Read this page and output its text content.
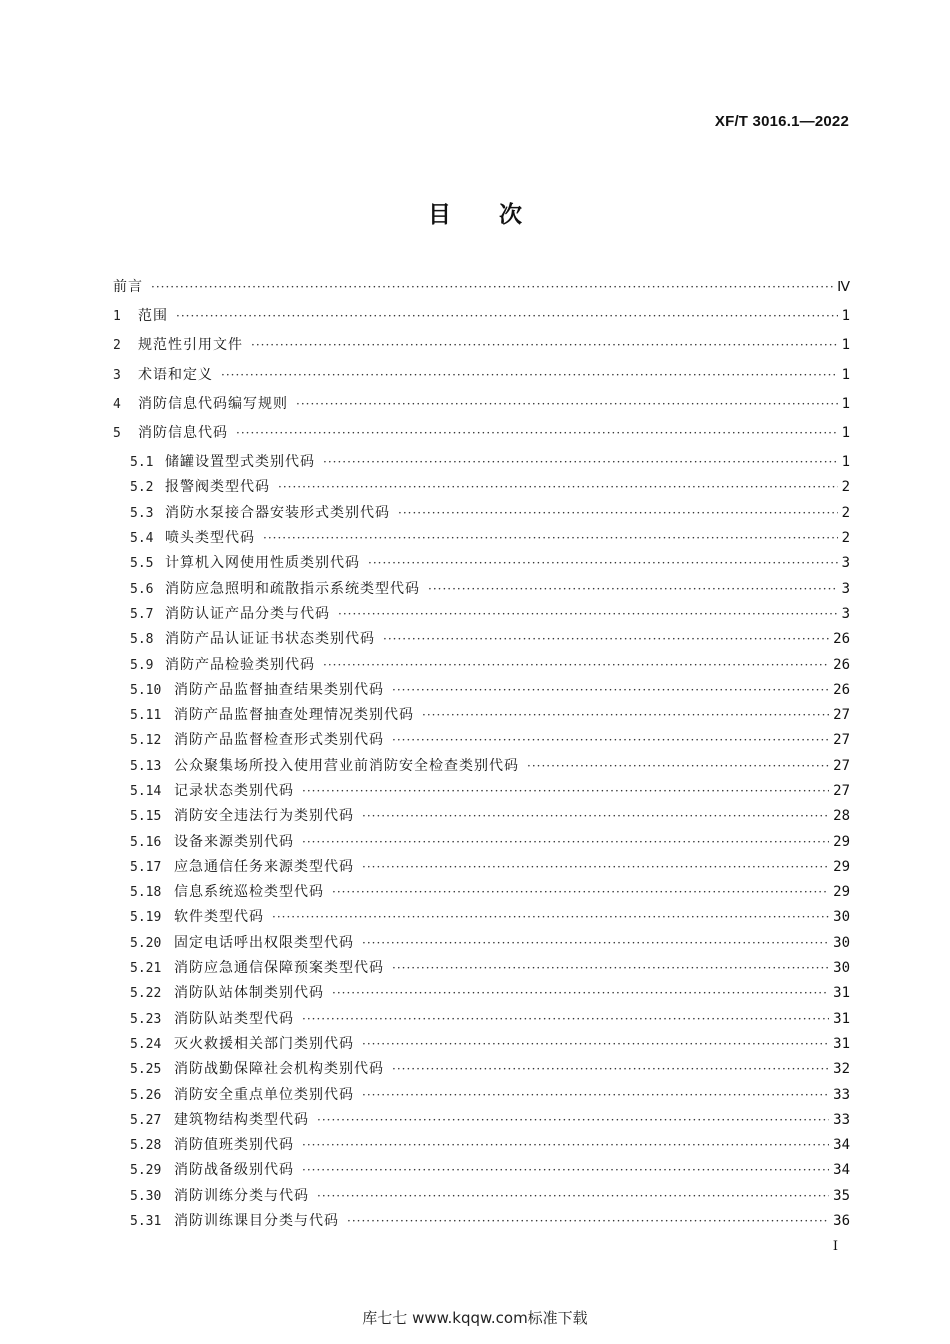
XF/T 3016.1—2022
目次
前言 ·····	Ⅳ
1	范围 ·····	1
2	规范性引用文件 ·····	1
3	术语和定义 ·····	1
4	消防信息代码编写规则 ·····	1
5	消防信息代码 ·····	1
5.1 储罐设置型式类别代码 ·····	1
5.2 报警阀类型代码 ·····	2
5.3 消防水泵接合器安装形式类别代码 ·····	2
5.4 喷头类型代码 ·····	2
5.5 计算机入网使用性质类别代码 ·····	3
5.6 消防应急照明和疏散指示系统类型代码 ·····	3
5.7 消防认证产品分类与代码 ·····	3
5.8 消防产品认证证书状态类别代码 ·····	26
5.9 消防产品检验类别代码 ·····	26
5.10 消防产品监督抽查结果类别代码 ·····	26
5.11 消防产品监督抽查处理情况类别代码 ·····	27
5.12 消防产品监督检查形式类别代码 ·····	27
5.13 公众聚集场所投入使用营业前消防安全检查类别代码 ·····	27
5.14 记录状态类别代码 ·····	27
5.15 消防安全违法行为类别代码 ·····	28
5.16 设备来源类别代码 ·····	29
5.17 应急通信任务来源类型代码 ·····	29
5.18 信息系统巡检类型代码 ·····	29
5.19 软件类型代码 ·····	30
5.20 固定电话呼出权限类型代码 ·····	30
5.21 消防应急通信保障预案类型代码 ·····	30
5.22 消防队站体制类别代码 ·····	31
5.23 消防队站类型代码 ·····	31
5.24 灭火救援相关部门类别代码 ·····	31
5.25 消防战勤保障社会机构类别代码 ·····	32
5.26 消防安全重点单位类别代码 ·····	33
5.27 建筑物结构类型代码 ·····	33
5.28 消防值班类别代码 ·····	34
5.29 消防战备级别代码 ·····	34
5.30 消防训练分类与代码 ·····	35
5.31 消防训练课目分类与代码 ·····	36
I
库七七 www.kqqw.com标准下载
